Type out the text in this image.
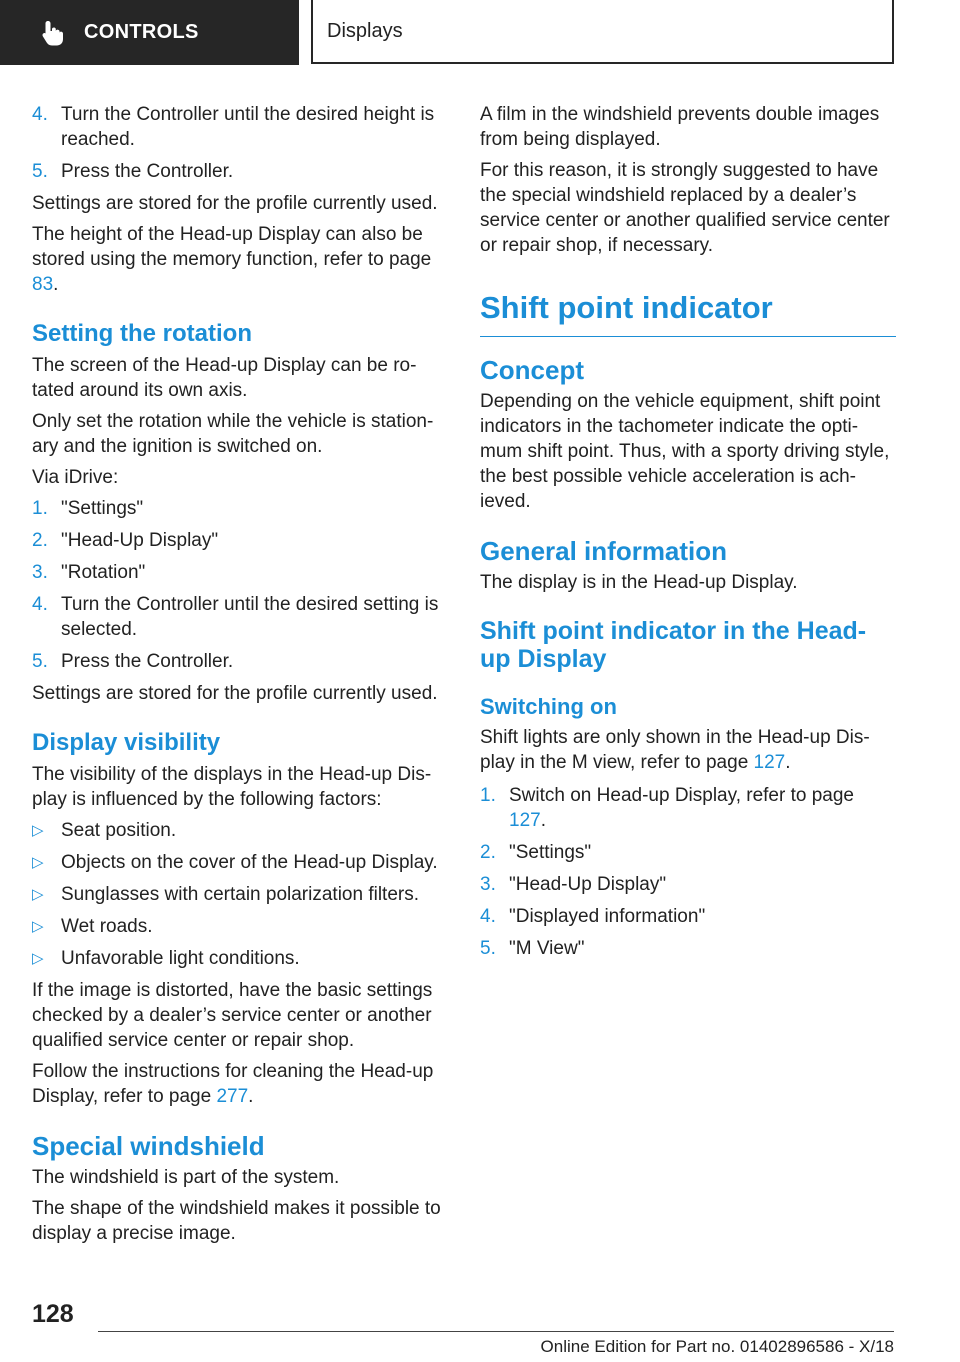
CONTROLS	Displays
4. Turn the Controller until the desired height is reached.
5. Press the Controller.

Settings are stored for the profile currently used.

The height of the Head-up Display can also be stored using the memory function, refer to page 83.

Setting the rotation

The screen of the Head-up Display can be ro‐tated around its own axis.

Only set the rotation while the vehicle is station‐ary and the ignition is switched on.

Via iDrive:

1. "Settings"
2. "Head-Up Display"
3. "Rotation"
4. Turn the Controller until the desired setting is selected.
5. Press the Controller.

Settings are stored for the profile currently used.

Display visibility

The visibility of the displays in the Head-up Dis‐play is influenced by the following factors:

▷ Seat position.
▷ Objects on the cover of the Head-up Display.
▷ Sunglasses with certain polarization filters.
▷ Wet roads.
▷ Unfavorable light conditions.

If the image is distorted, have the basic settings checked by a dealer’s service center or another qualified service center or repair shop.

Follow the instructions for cleaning the Head-up Display, refer to page 277.

Special windshield

The windshield is part of the system.

The shape of the windshield makes it possible to display a precise image.

A film in the windshield prevents double images from being displayed.

For this reason, it is strongly suggested to have the special windshield replaced by a dealer’s service center or another qualified service center or repair shop, if necessary.

Shift point indicator
Concept

Depending on the vehicle equipment, shift point indicators in the tachometer indicate the opti‐mum shift point. Thus, with a sporty driving style, the best possible vehicle acceleration is ach‐ieved.

General information

The display is in the Head-up Display.

Shift point indicator in the Head-up Display
Switching on

Shift lights are only shown in the Head-up Dis‐play in the M view, refer to page 127.

1. Switch on Head-up Display, refer to page 127.
2. "Settings"
3. "Head-Up Display"
4. "Displayed information"
5. "M View"
128
Online Edition for Part no. 01402896586 - X/18
